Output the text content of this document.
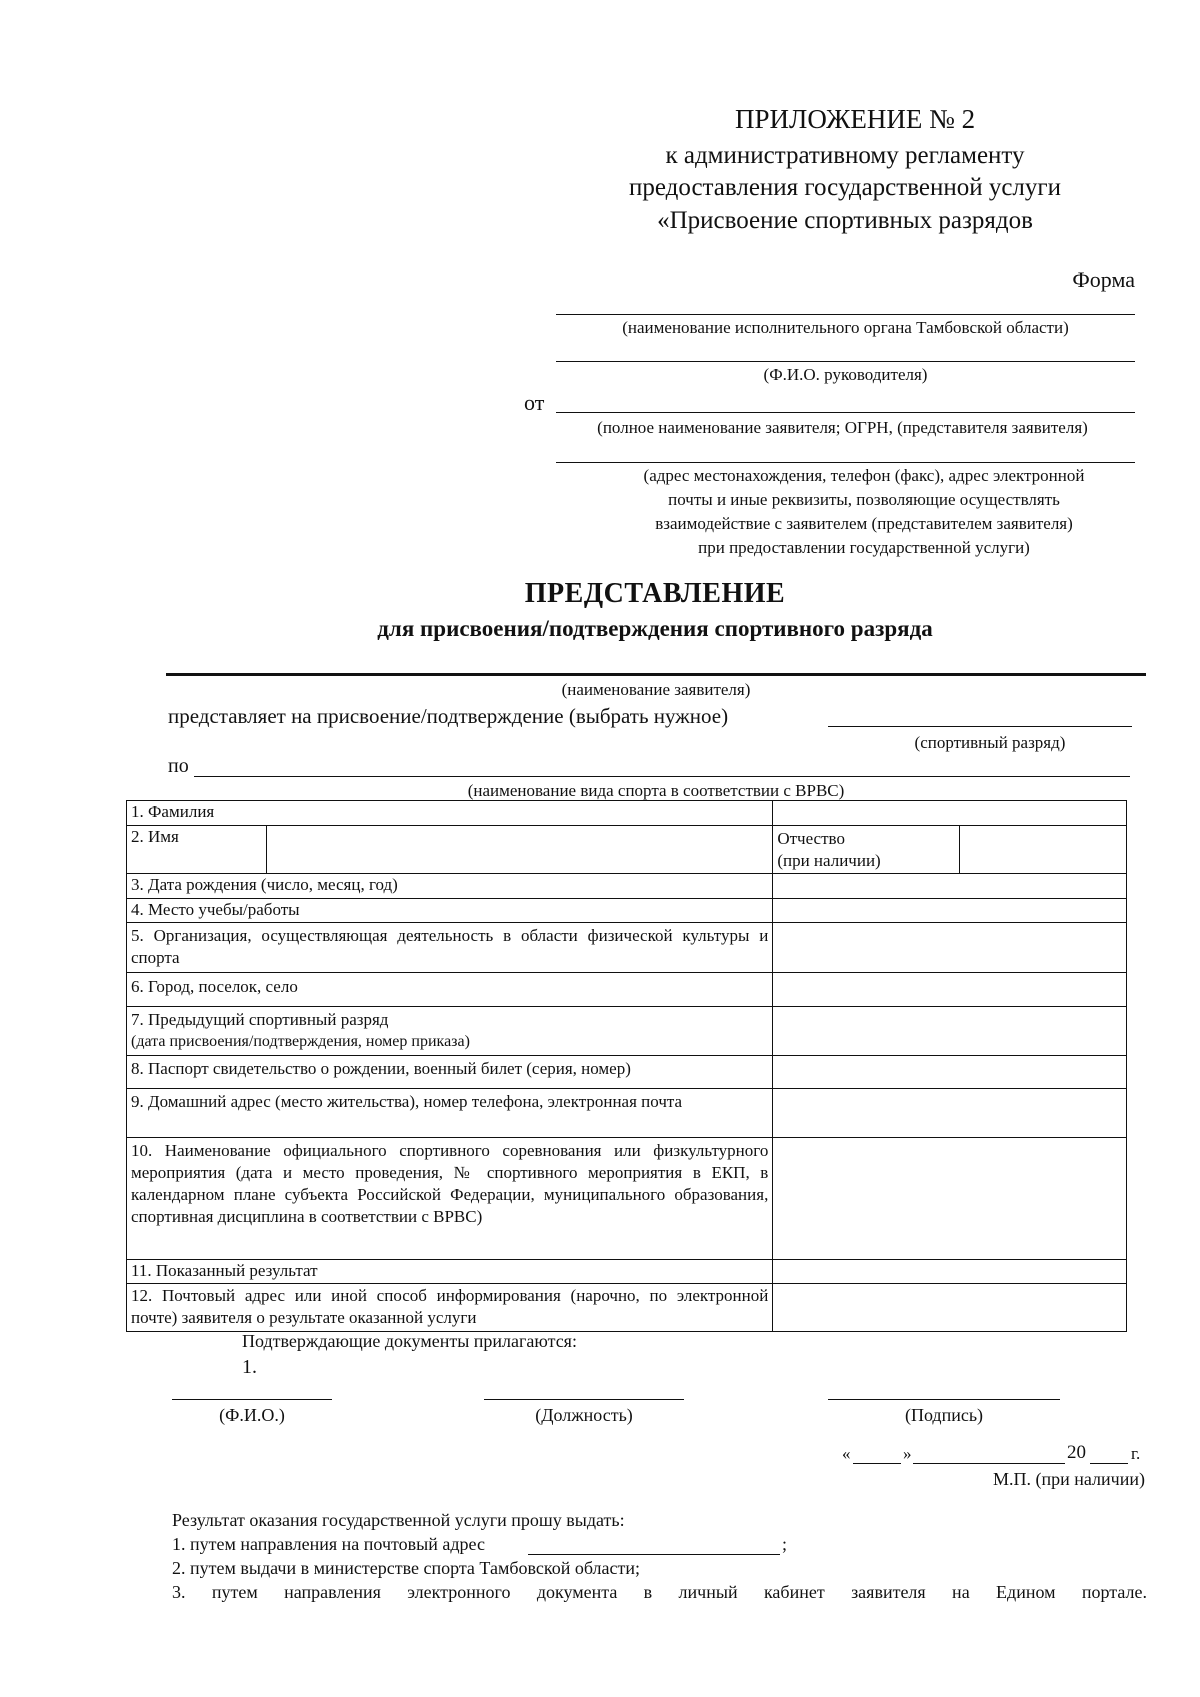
ПРИЛОЖЕНИЕ № 2
к административному регламенту
предоставления государственной услуги
«Присвоение спортивных разрядов
Форма
(наименование исполнительного органа Тамбовской области)
(Ф.И.О. руководителя)
от
(полное наименование заявителя; ОГРН, (представителя заявителя)
(адрес местонахождения, телефон (факс), адрес электронной
почты и иные реквизиты, позволяющие осуществлять
взаимодействие с заявителем (представителем заявителя)
при предоставлении государственной услуги)
ПРЕДСТАВЛЕНИЕ
для присвоения/подтверждения спортивного разряда
(наименование заявителя)
представляет на присвоение/подтверждение (выбрать нужное)
(спортивный разряд)
по
(наименование вида спорта в соответствии с ВРВС)
1. Фамилия			
2. Имя		Отчество
(при наличии)	

3. Дата рождения (число, месяц, год)			
4. Место учебы/работы			
5. Организация, осуществляющая деятельность в области физической культуры и спорта			
6. Город, поселок, село			

7. Предыдущий спортивный разряд
(дата присвоения/подтверждения, номер приказа)			

8. Паспорт свидетельство о рождении, военный билет (серия, номер)			
9. Домашний адрес (место жительства), номер телефона, электронная почта			
10. Наименование официального спортивного соревнования или физкультурного мероприятия (дата и место проведения, № спортивного мероприятия в ЕКП, в календарном плане субъекта Российской Федерации, муниципального образования, спортивная дисциплина в соответствии с ВРВС)			
11. Показанный результат			
12. Почтовый адрес или иной способ информирования (нарочно, по электронной почте) заявителя о результате оказанной услуги			
Подтверждающие документы прилагаются:
1.
(Ф.И.О.)	(Должность)	(Подпись)
«	»	20	г.
М.П. (при наличии)
Результат оказания государственной услуги прошу выдать:
1. путем направления на почтовый адрес	;
2. путем выдачи в министерстве спорта Тамбовской области;
3. путем направления электронного документа в личный кабинет заявителя на Едином портале.
